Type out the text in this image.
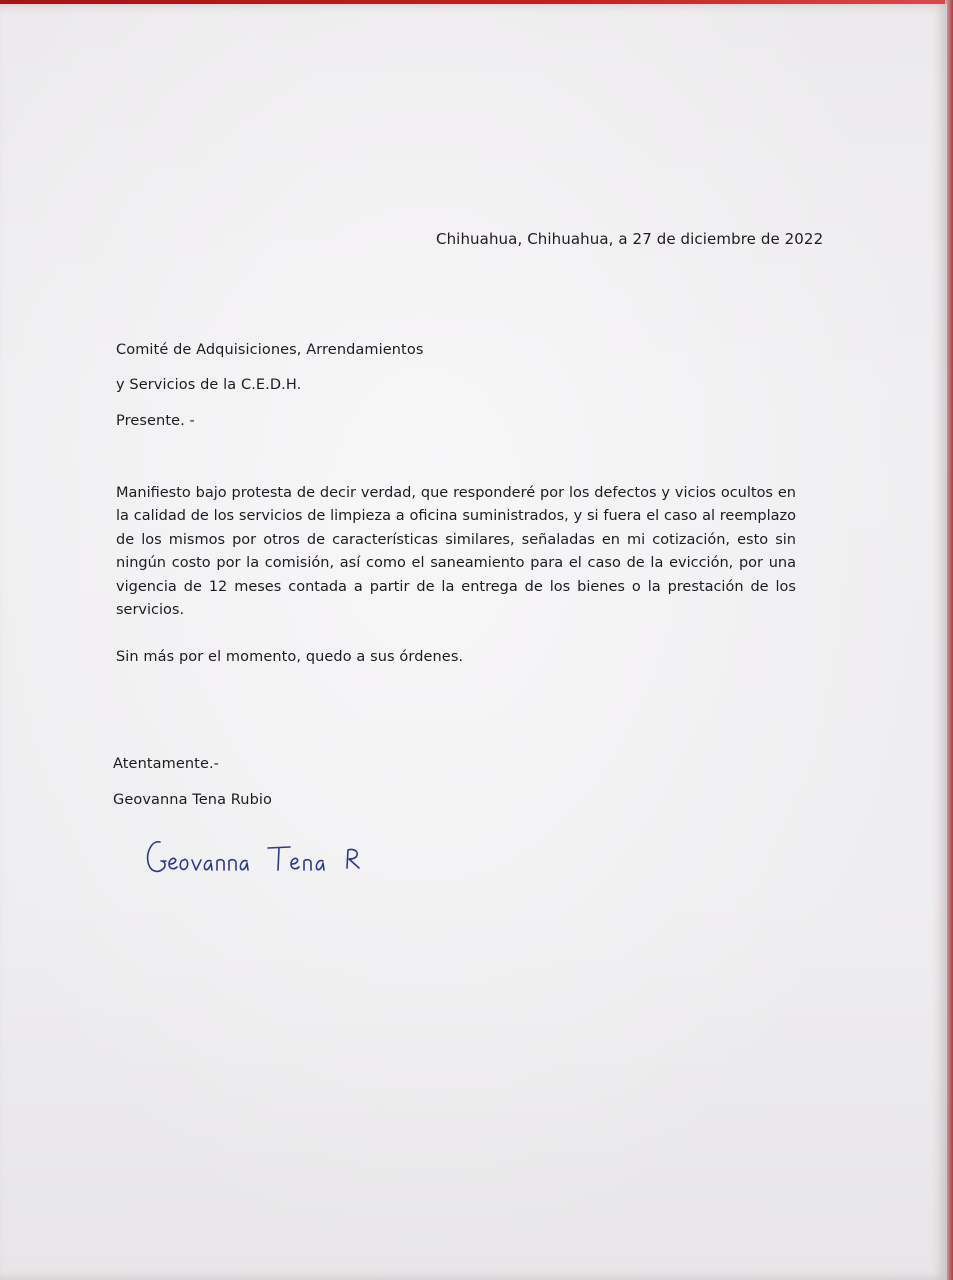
Chihuahua, Chihuahua, a 27 de diciembre de 2022
Comité de Adquisiciones, Arrendamientos
y Servicios de la C.E.D.H.
Presente. -
Manifiesto bajo protesta de decir verdad, que responderé por los defectos y vicios ocultos en la calidad de los servicios de limpieza a oficina suministrados, y si fuera el caso al reemplazo de los mismos por otros de características similares, señaladas en mi cotización, esto sin ningún costo por la comisión, así como el saneamiento para el caso de la evicción, por una vigencia de 12 meses contada a partir de la entrega de los bienes o la prestación de los servicios.
Sin más por el momento, quedo a sus órdenes.
Atentamente.-
Geovanna Tena Rubio
